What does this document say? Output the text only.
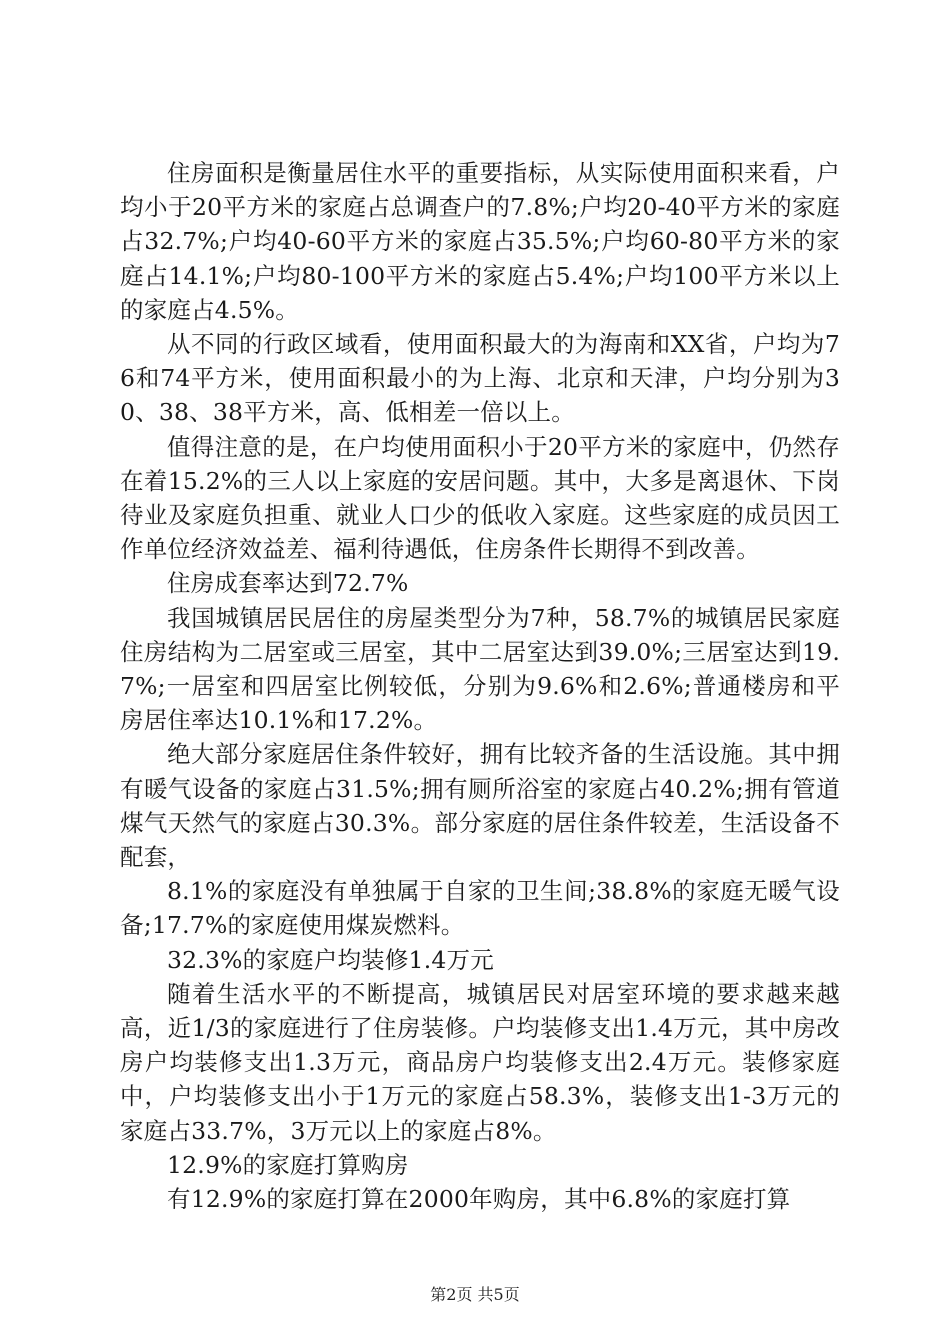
住房面积是衡量居住水平的重要指标，从实际使用面积来看，户均小于20平方米的家庭占总调查户的7.8%;户均20-40平方米的家庭占32.7%;户均40-60平方米的家庭占35.5%;户均60-80平方米的家庭占14.1%;户均80-100平方米的家庭占5.4%;户均100平方米以上的家庭占4.5%。

从不同的行政区域看，使用面积最大的为海南和XX省，户均为76和74平方米，使用面积最小的为上海、北京和天津，户均分别为30、38、38平方米，高、低相差一倍以上。

值得注意的是，在户均使用面积小于20平方米的家庭中，仍然存在着15.2%的三人以上家庭的安居问题。其中，大多是离退休、下岗待业及家庭负担重、就业人口少的低收入家庭。这些家庭的成员因工作单位经济效益差、福利待遇低，住房条件长期得不到改善。

住房成套率达到72.7%

我国城镇居民居住的房屋类型分为7种，58.7%的城镇居民家庭住房结构为二居室或三居室，其中二居室达到39.0%;三居室达到19.7%;一居室和四居室比例较低，分别为9.6%和2.6%;普通楼房和平房居住率达10.1%和17.2%。

绝大部分家庭居住条件较好，拥有比较齐备的生活设施。其中拥有暖气设备的家庭占31.5%;拥有厕所浴室的家庭占40.2%;拥有管道煤气天然气的家庭占30.3%。部分家庭的居住条件较差，生活设备不配套，

8.1%的家庭没有单独属于自家的卫生间;38.8%的家庭无暖气设备;17.7%的家庭使用煤炭燃料。

32.3%的家庭户均装修1.4万元

随着生活水平的不断提高，城镇居民对居室环境的要求越来越高，近1/3的家庭进行了住房装修。户均装修支出1.4万元，其中房改房户均装修支出1.3万元，商品房户均装修支出2.4万元。装修家庭中，户均装修支出小于1万元的家庭占58.3%，装修支出1-3万元的家庭占33.7%，3万元以上的家庭占8%。

12.9%的家庭打算购房

有12.9%的家庭打算在2000年购房，其中6.8%的家庭打算

第2页 共5页
